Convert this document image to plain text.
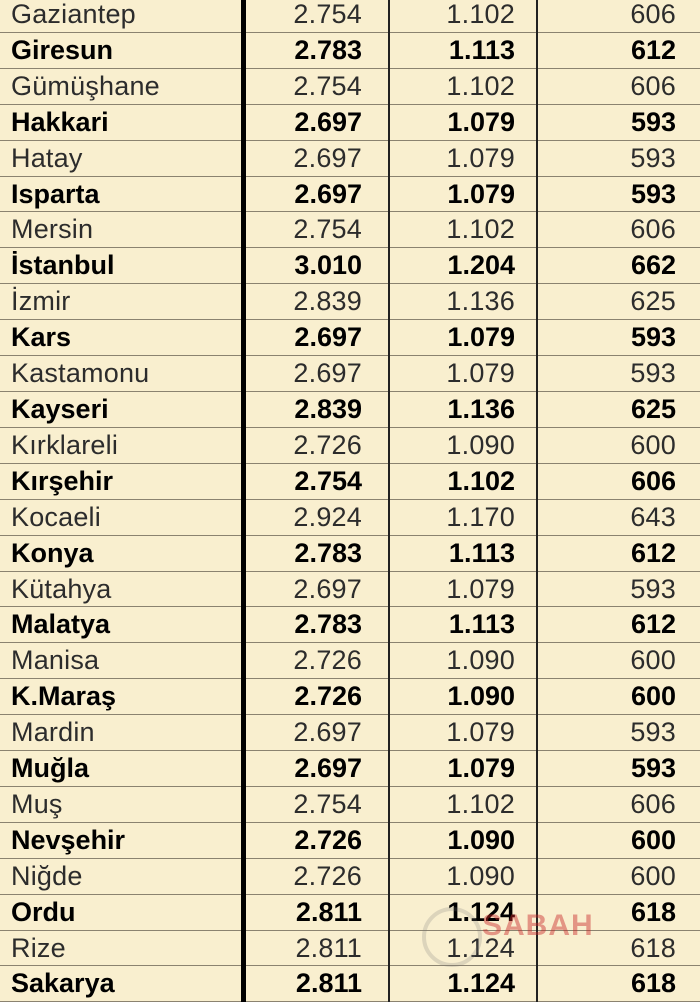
Gaziantep	2.754	1.102	606
Giresun	2.783	1.113	612
Gümüşhane	2.754	1.102	606
Hakkari	2.697	1.079	593
Hatay	2.697	1.079	593
Isparta	2.697	1.079	593
Mersin	2.754	1.102	606
İstanbul	3.010	1.204	662
İzmir	2.839	1.136	625
Kars	2.697	1.079	593
Kastamonu	2.697	1.079	593
Kayseri	2.839	1.136	625
Kırklareli	2.726	1.090	600
Kırşehir	2.754	1.102	606
Kocaeli	2.924	1.170	643
Konya	2.783	1.113	612
Kütahya	2.697	1.079	593
Malatya	2.783	1.113	612
Manisa	2.726	1.090	600
K.Maraş	2.726	1.090	600
Mardin	2.697	1.079	593
Muğla	2.697	1.079	593
Muş	2.754	1.102	606
Nevşehir	2.726	1.090	600
Niğde	2.726	1.090	600
Ordu	2.811	1.124	618
Rize	2.811	1.124	618
Sakarya	2.811	1.124	618
SABAH
